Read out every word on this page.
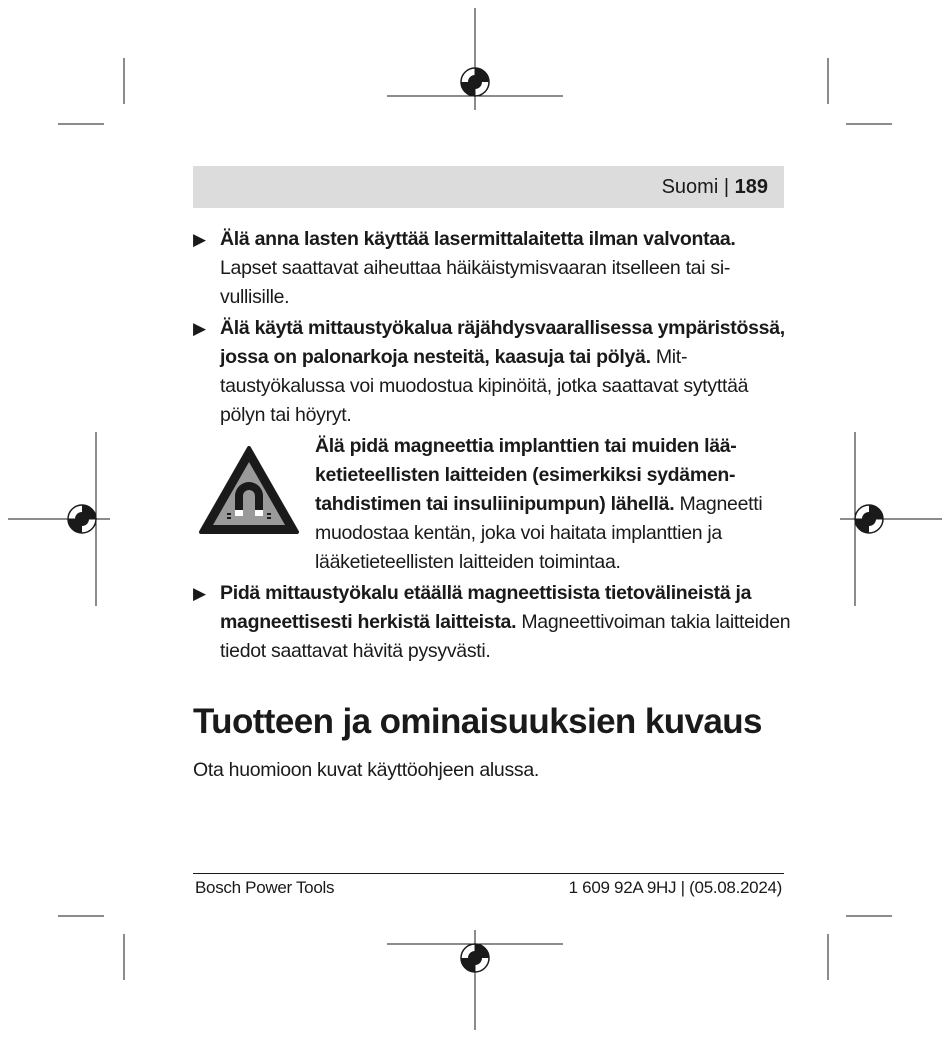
Suomi | 189
▶ Älä anna lasten käyttää lasermittalaitetta ilman valvontaa. Lapset saattavat aiheuttaa häikäistymisvaaran itselleen tai sivullisille.
▶ Älä käytä mittaustyökalua räjähdysvaarallisessa ympäristössä, jossa on palonarkoja nesteitä, kaasuja tai pölyä. Mittaustyökalussa voi muodostua kipinöitä, jotka saattavat sytyttää pölyn tai höyryt.
Älä pidä magneettia implanttien tai muiden lääketieteellisten laitteiden (esimerkiksi sydämentahdistimen tai insuliinipumpun) lähellä. Magneetti muodostaa kentän, joka voi haitata implanttien ja lääketieteellisten laitteiden toimintaa.
▶ Pidä mittaustyökalu etäällä magneettisista tietovälineistä ja magneettisesti herkistä laitteista. Magneettivoiman takia laitteiden tiedot saattavat hävitä pysyvästi.
Tuotteen ja ominaisuuksien kuvaus
Ota huomioon kuvat käyttöohjeen alussa.
Bosch Power Tools	1 609 92A 9HJ | (05.08.2024)
